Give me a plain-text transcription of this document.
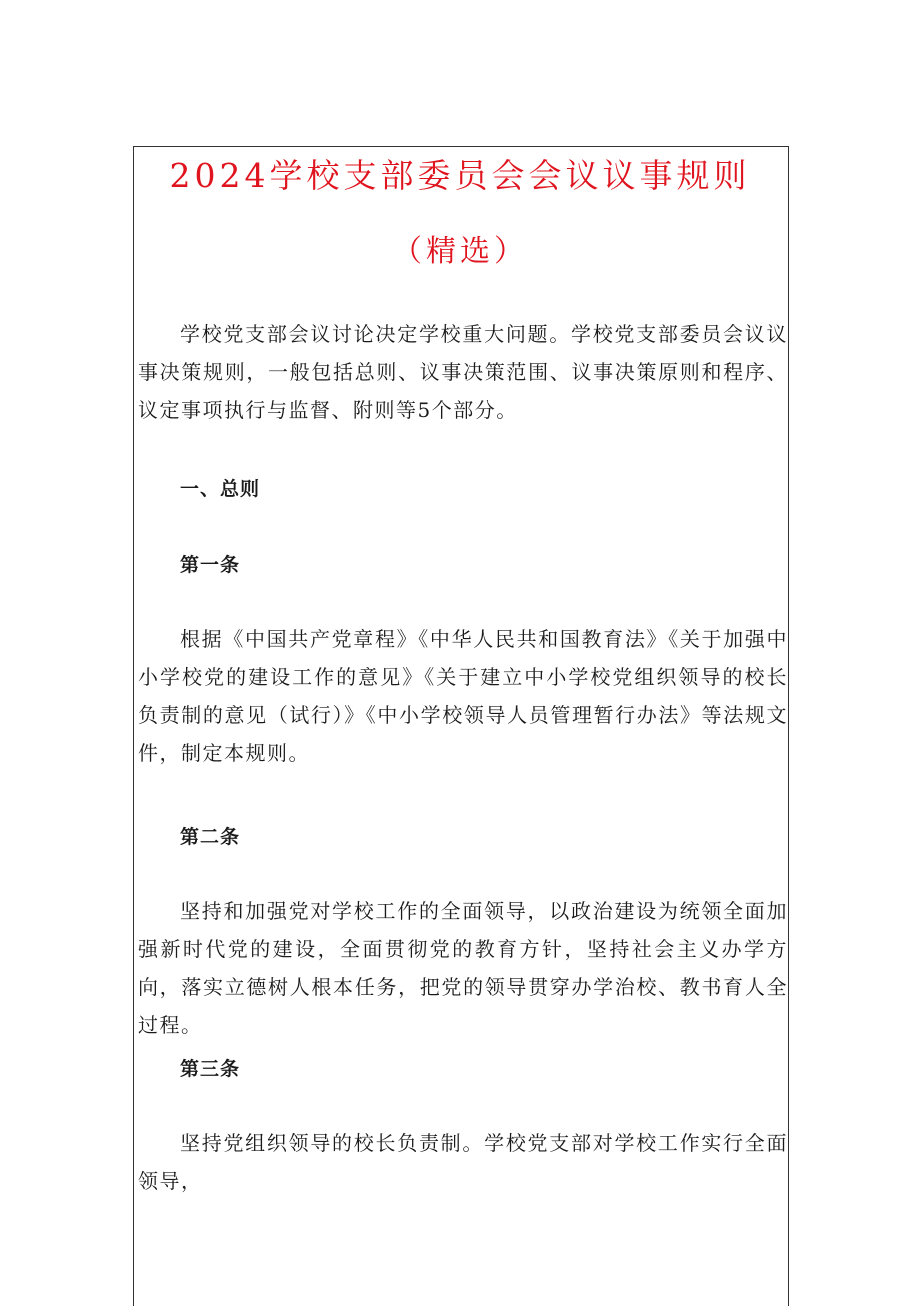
2024学校支部委员会会议议事规则
（精选）

学校党支部会议讨论决定学校重大问题。学校党支部委员会议议事决策规则，一般包括总则、议事决策范围、议事决策原则和程序、议定事项执行与监督、附则等5个部分。

一、总则

第一条

根据《中国共产党章程》《中华人民共和国教育法》《关于加强中小学校党的建设工作的意见》《关于建立中小学校党组织领导的校长负责制的意见（试行）》《中小学校领导人员管理暂行办法》等法规文件，制定本规则。

第二条

坚持和加强党对学校工作的全面领导，以政治建设为统领全面加强新时代党的建设，全面贯彻党的教育方针，坚持社会主义办学方向，落实立德树人根本任务，把党的领导贯穿办学治校、教书育人全过程。

第三条

坚持党组织领导的校长负责制。学校党支部对学校工作实行全面领导，
